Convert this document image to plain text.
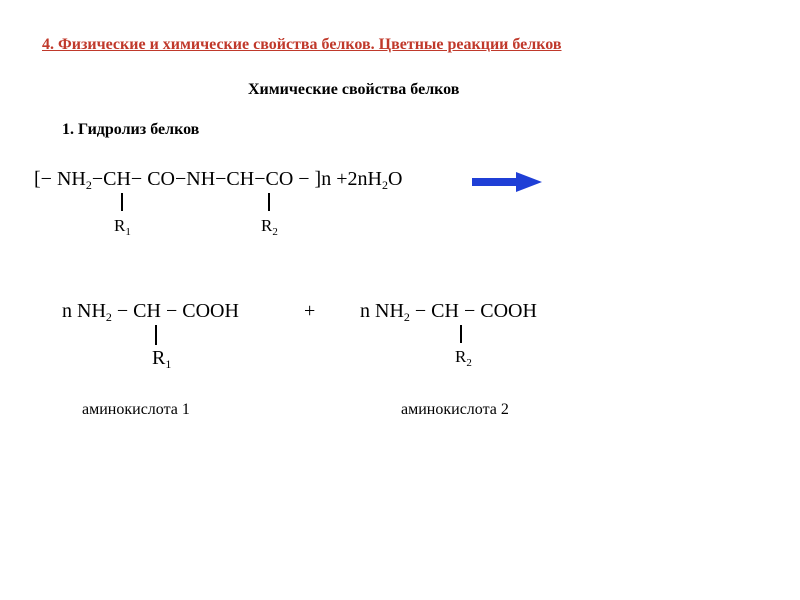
4. Физические и химические свойства белков. Цветные реакции белков
Химические свойства белков
1. Гидролиз белков
[− $NH_2-CH- CO-NH-CH-CO - ]n +2nH_2O$
$R_1$	$R_2$
n $NH_2$ − CH − COOH	+ n $NH_2$ − CH − COOH
$R_1$	$R_2$
аминокислота 1	аминокислота 2
